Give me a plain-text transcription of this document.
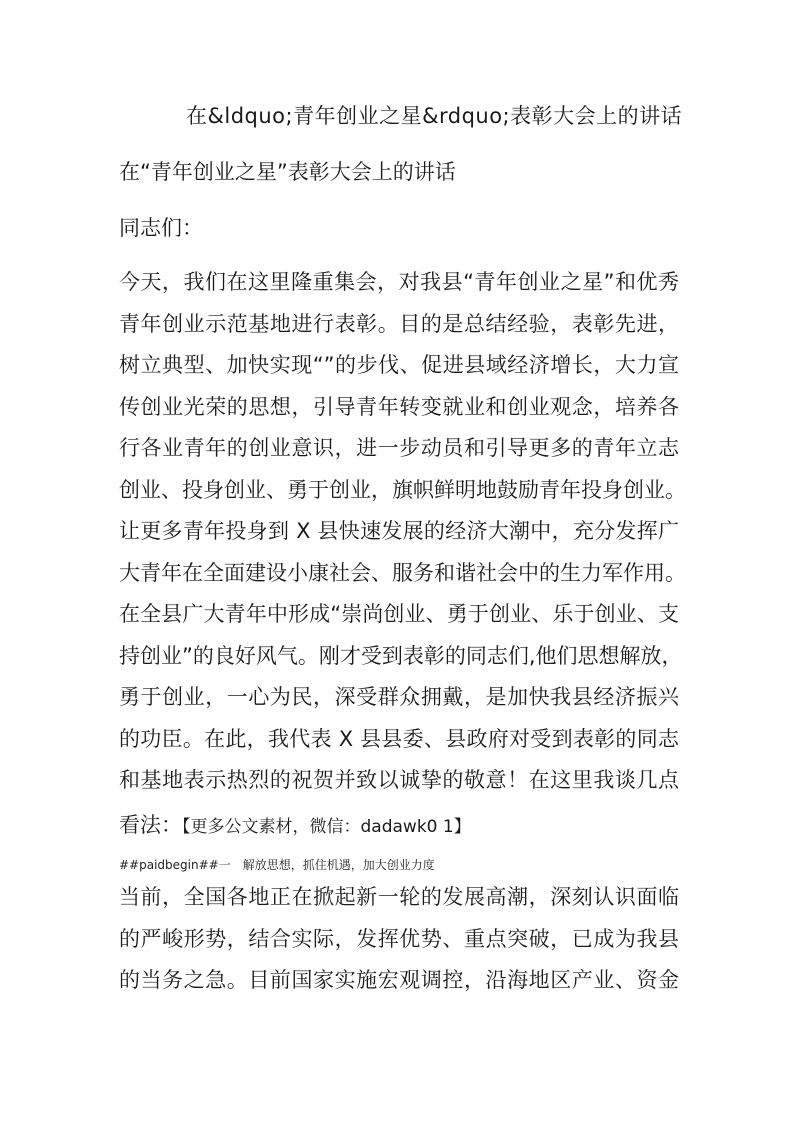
在&ldquo;青年创业之星&rdquo;表彰大会上的讲话
在“青年创业之星”表彰大会上的讲话
同志们：
今天，我们在这里隆重集会，对我县“青年创业之星”和优秀
青年创业示范基地进行表彰。目的是总结经验，表彰先进，
树立典型、加快实现“”的步伐、促进县域经济增长，大力宣
传创业光荣的思想，引导青年转变就业和创业观念，培养各
行各业青年的创业意识，进一步动员和引导更多的青年立志
创业、投身创业、勇于创业，旗帜鲜明地鼓励青年投身创业。
让更多青年投身到 X 县快速发展的经济大潮中，充分发挥广
大青年在全面建设小康社会、服务和谐社会中的生力军作用。
在全县广大青年中形成“崇尚创业、勇于创业、乐于创业、支
持创业”的良好风气。刚才受到表彰的同志们,他们思想解放，
勇于创业，一心为民，深受群众拥戴，是加快我县经济振兴
的功臣。在此，我代表 X 县县委、县政府对受到表彰的同志
和基地表示热烈的祝贺并致以诚挚的敬意！在这里我谈几点
看法：【更多公文素材，微信：dadawk0 1】
##paidbegin##一　解放思想，抓住机遇，加大创业力度
当前，全国各地正在掀起新一轮的发展高潮，深刻认识面临
的严峻形势，结合实际，发挥优势、重点突破，已成为我县
的当务之急。目前国家实施宏观调控，沿海地区产业、资金
